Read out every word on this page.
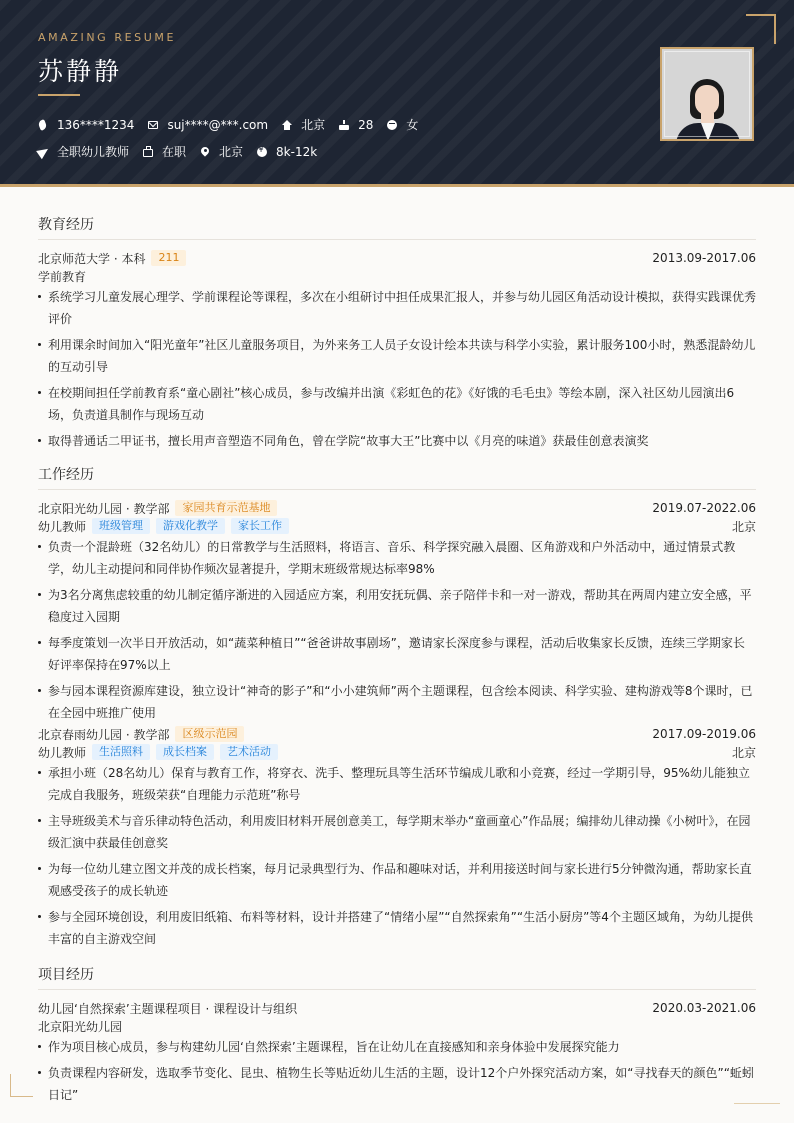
AMAZING RESUME
苏静静
136****1234	suj****@***.com	北京	28	女
全职幼儿教师	在职	北京
¥	8k-12k
教育经历
北京师范大学 · 本科	211	2013.09-2017.06
学前教育
系统学习儿童发展心理学、学前课程论等课程，多次在小组研讨中担任成果汇报人，并参与幼儿园区角活动设计模拟，获得实践课优秀评价
利用课余时间加入“阳光童年”社区儿童服务项目，为外来务工人员子女设计绘本共读与科学小实验，累计服务100小时，熟悉混龄幼儿的互动引导
在校期间担任学前教育系“童心剧社”核心成员，参与改编并出演《彩虹色的花》《好饿的毛毛虫》等绘本剧，深入社区幼儿园演出6场，负责道具制作与现场互动
取得普通话二甲证书，擅长用声音塑造不同角色，曾在学院“故事大王”比赛中以《月亮的味道》获最佳创意表演奖
工作经历
北京阳光幼儿园 · 教学部	家园共育示范基地	2019.07-2022.06
幼儿教师	班级管理	游戏化教学	家长工作	北京
负责一个混龄班（32名幼儿）的日常教学与生活照料，将语言、音乐、科学探究融入晨圈、区角游戏和户外活动中，通过情景式教学，幼儿主动提问和同伴协作频次显著提升，学期末班级常规达标率98%
为3名分离焦虑较重的幼儿制定循序渐进的入园适应方案，利用安抚玩偶、亲子陪伴卡和一对一游戏，帮助其在两周内建立安全感，平稳度过入园期
每季度策划一次半日开放活动，如“蔬菜种植日”“爸爸讲故事剧场”，邀请家长深度参与课程，活动后收集家长反馈，连续三学期家长好评率保持在97%以上
参与园本课程资源库建设，独立设计“神奇的影子”和“小小建筑师”两个主题课程，包含绘本阅读、科学实验、建构游戏等8个课时，已在全园中班推广使用
北京春雨幼儿园 · 教学部	区级示范园	2017.09-2019.06
幼儿教师	生活照料	成长档案	艺术活动	北京
承担小班（28名幼儿）保育与教育工作，将穿衣、洗手、整理玩具等生活环节编成儿歌和小竞赛，经过一学期引导，95%幼儿能独立完成自我服务，班级荣获“自理能力示范班”称号
主导班级美术与音乐律动特色活动，利用废旧材料开展创意美工，每学期末举办“童画童心”作品展；编排幼儿律动操《小树叶》，在园级汇演中获最佳创意奖
为每一位幼儿建立图文并茂的成长档案，每月记录典型行为、作品和趣味对话，并利用接送时间与家长进行5分钟微沟通，帮助家长直观感受孩子的成长轨迹
参与全园环境创设，利用废旧纸箱、布料等材料，设计并搭建了“情绪小屋”“自然探索角”“生活小厨房”等4个主题区域角，为幼儿提供丰富的自主游戏空间
项目经历
幼儿园‘自然探索’主题课程项目 · 课程设计与组织	2020.03-2021.06
北京阳光幼儿园
作为项目核心成员，参与构建幼儿园‘自然探索’主题课程，旨在让幼儿在直接感知和亲身体验中发展探究能力
负责课程内容研发，选取季节变化、昆虫、植物生长等贴近幼儿生活的主题，设计12个户外探究活动方案，如“寻找春天的颜色”“蚯蚓日记”
